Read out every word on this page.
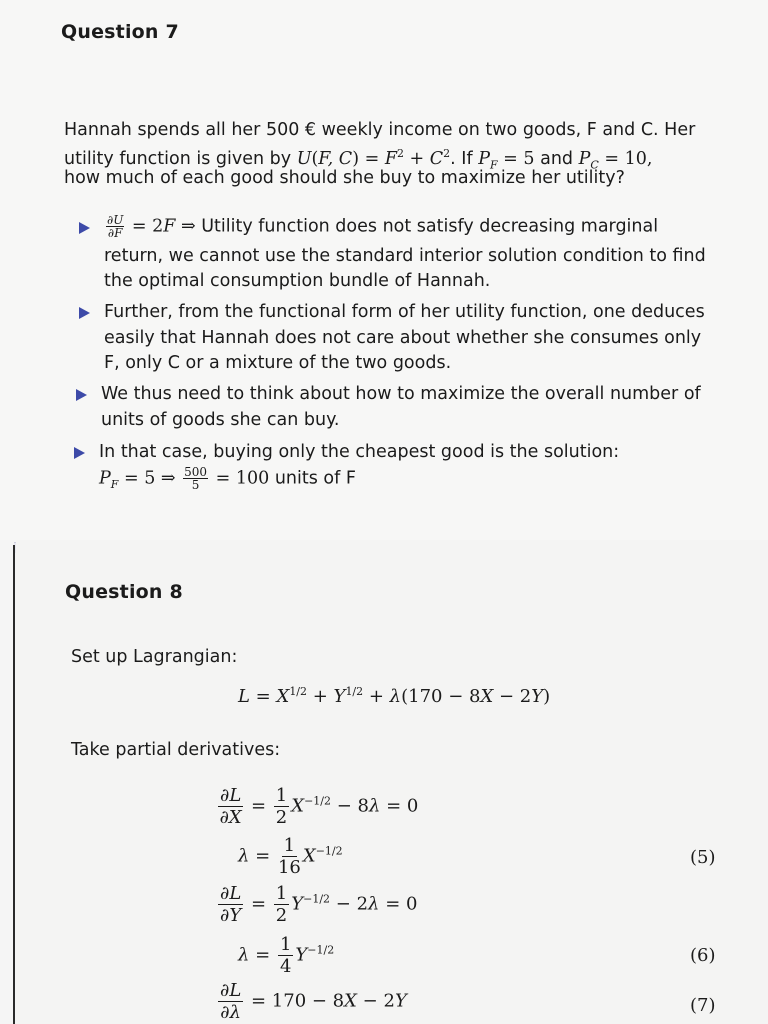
Question 7
Hannah spends all her 500 € weekly income on two goods, F and C. Her
utility function is given by U(F, $C) = F^2 + C^2$. If $P_F = 5$ and $P_C = 10$,
how much of each good should she buy to maximize her utility?
$\frac{\partial U}{\partial F} = 2F$ ⇒ Utility function does not satisfy decreasing marginal
return, we cannot use the standard interior solution condition to find
the optimal consumption bundle of Hannah.
Further, from the functional form of her utility function, one deduces
easily that Hannah does not care about whether she consumes only
F, only C or a mixture of the two goods.
We thus need to think about how to maximize the overall number of
units of goods she can buy.
In that case, buying only the cheapest good is the solution:
$P_F = 5$ ⇒ $\frac{500}{5} = 100$ units of F
Question 8
Set up Lagrangian:
$L = X^{1/2} + Y^{1/2} + \lambda(170 - 8X - 2Y)$
Take partial derivatives:
$\frac{\partial L}{\partial X} = \frac{1}{2} X^{-1/2} - 8\lambda = 0$
$\lambda = \frac{1}{16} X^{-1/2}$	(5)
$\frac{\partial L}{\partial Y} = \frac{1}{2} Y^{-1/2} - 2\lambda = 0$
$\lambda = \frac{1}{4} Y^{-1/2}$	(6)
$\frac{\partial L}{\partial\lambda} = 170 - 8X - 2Y$	(7)
